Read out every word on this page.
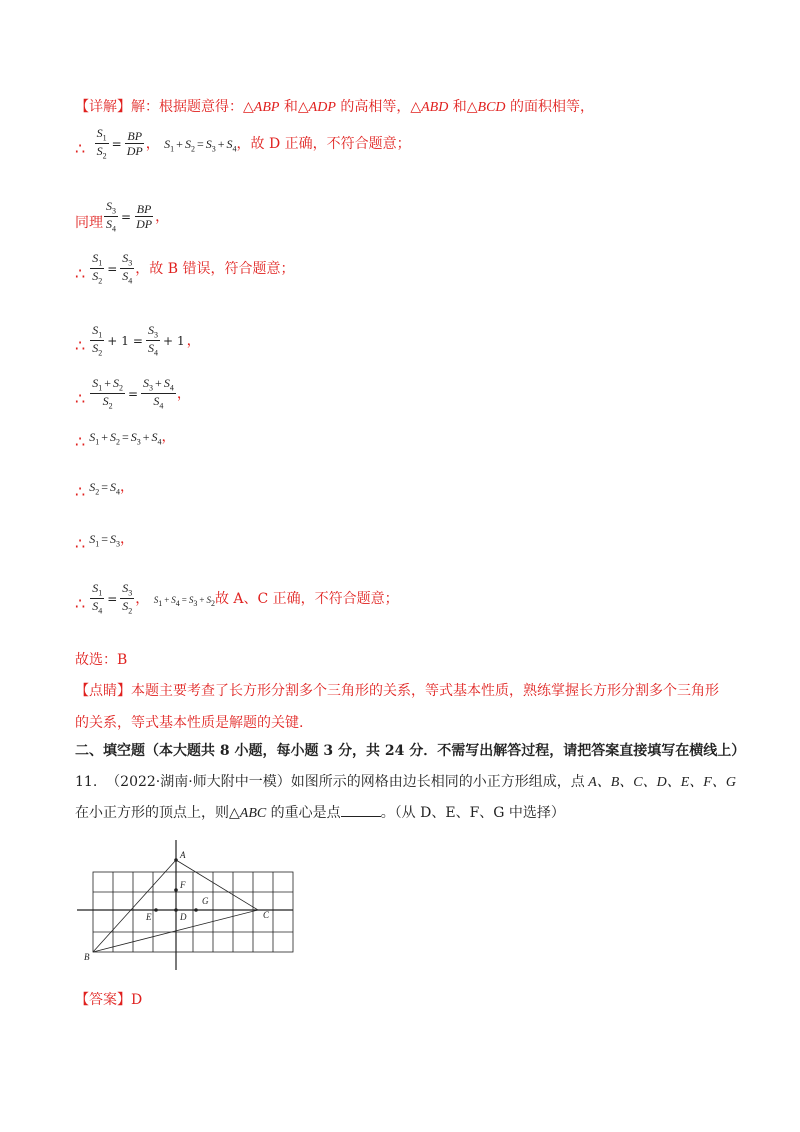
【详解】解：根据题意得：△ABP 和△ADP 的高相等，△ABD 和△BCD 的面积相等，
∴ $\frac{S_1}{S_2} = \frac{BP}{DP}$ ， $S_1 + S_2 = S_3 + S_4$，故 D 正确，不符合题意；
同理 $\frac{S_3}{S_4} = \frac{BP}{DP}$ ，
∴ $\frac{S_1}{S_2} = \frac{S_3}{S_4}$ ，故 B 错误，符合题意；
∴ $\frac{S_1}{S_2} + 1 = \frac{S_3}{S_4} + 1$ ，
∴ $\frac{S_1 + S_2}{S_2} = \frac{S_3 + S_4}{S_4}$ ，
∴ $S_1 + S_2 = S_3 + S_4$，
∴ $S_2 = S_4$，
∴ $S_1 = S_3$，
∴ $\frac{S_1}{S_4} = \frac{S_3}{S_2}$ ， $S_1 + S_4 = S_3 + S_2$故 A、C 正确，不符合题意；
故选：B
【点睛】本题主要考查了长方形分割多个三角形的关系，等式基本性质，熟练掌握长方形分割多个三角形
的关系，等式基本性质是解题的关键.
二、填空题（本大题共 8 小题，每小题 3 分，共 24 分．不需写出解答过程，请把答案直接填写在横线上）
11. （2022·湖南·师大附中一模）如图所示的网格由边长相同的小正方形组成，点 A、B、C、D、E、F、G
在小正方形的顶点上，则△ABC 的重心是点	。（从 D、E、F、G 中选择）
A
B
C
D
E
F
G
【答案】D
